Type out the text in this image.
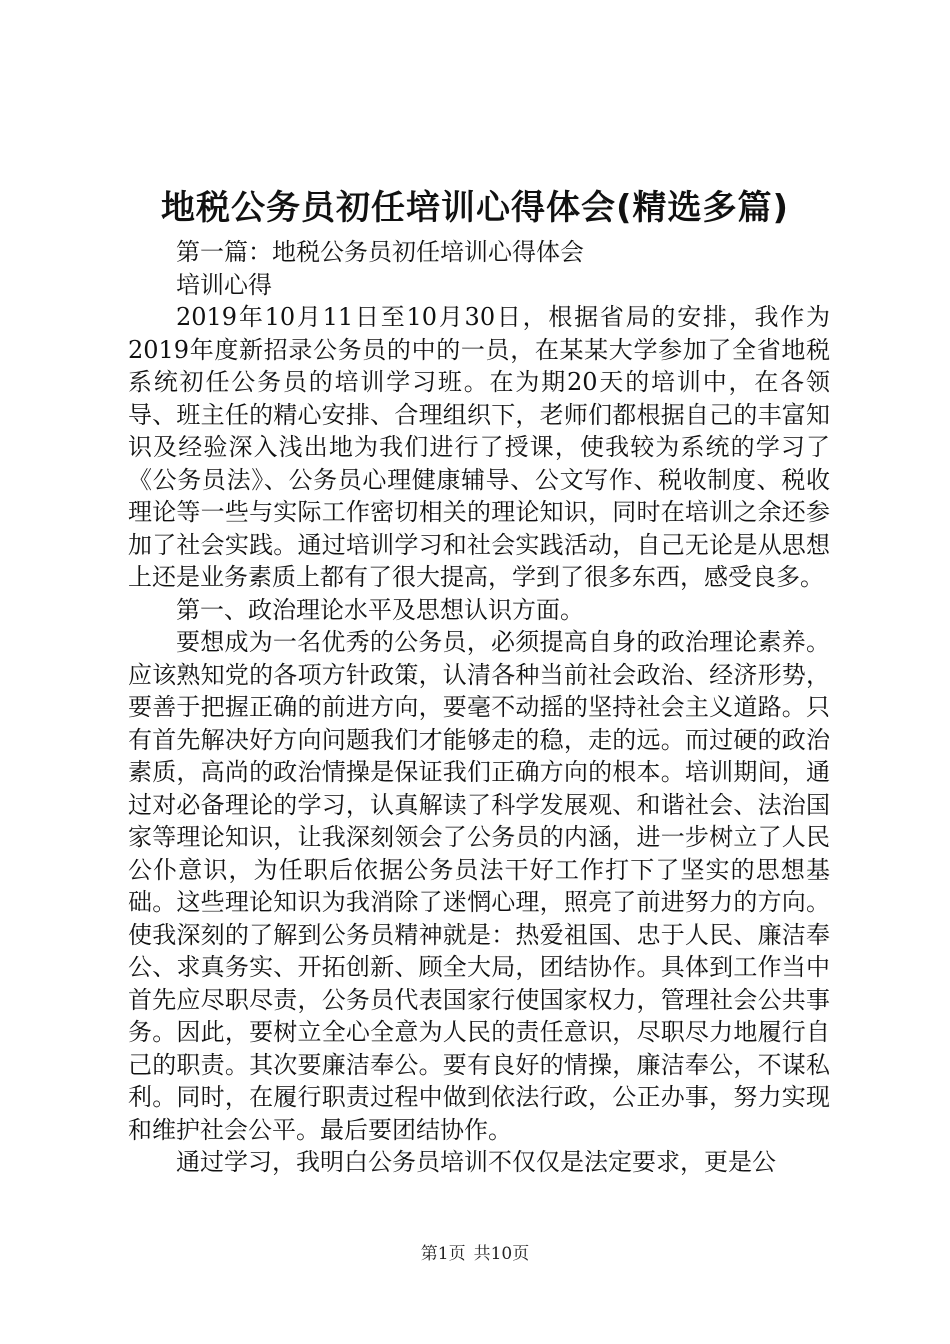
地税公务员初任培训心得体会(精选多篇)

第一篇：地税公务员初任培训心得体会

培训心得

2019年10月11日至10月30日，根据省局的安排，我作为2019年度新招录公务员的中的一员，在某某大学参加了全省地税系统初任公务员的培训学习班。在为期20天的培训中，在各领导、班主任的精心安排、合理组织下，老师们都根据自己的丰富知识及经验深入浅出地为我们进行了授课，使我较为系统的学习了《公务员法》、公务员心理健康辅导、公文写作、税收制度、税收理论等一些与实际工作密切相关的理论知识，同时在培训之余还参加了社会实践。通过培训学习和社会实践活动，自己无论是从思想上还是业务素质上都有了很大提高，学到了很多东西，感受良多。

第一、政治理论水平及思想认识方面。

要想成为一名优秀的公务员，必须提高自身的政治理论素养。应该熟知党的各项方针政策，认清各种当前社会政治、经济形势，要善于把握正确的前进方向，要毫不动摇的坚持社会主义道路。只有首先解决好方向问题我们才能够走的稳，走的远。而过硬的政治素质，高尚的政治情操是保证我们正确方向的根本。培训期间，通过对必备理论的学习，认真解读了科学发展观、和谐社会、法治国家等理论知识，让我深刻领会了公务员的内涵，进一步树立了人民公仆意识，为任职后依据公务员法干好工作打下了坚实的思想基础。这些理论知识为我消除了迷惘心理，照亮了前进努力的方向。使我深刻的了解到公务员精神就是：热爱祖国、忠于人民、廉洁奉公、求真务实、开拓创新、顾全大局，团结协作。具体到工作当中首先应尽职尽责，公务员代表国家行使国家权力，管理社会公共事务。因此，要树立全心全意为人民的责任意识，尽职尽力地履行自己的职责。其次要廉洁奉公。要有良好的情操，廉洁奉公，不谋私利。同时，在履行职责过程中做到依法行政，公正办事，努力实现和维护社会公平。最后要团结协作。

通过学习，我明白公务员培训不仅仅是法定要求，更是公

第1页 共10页
